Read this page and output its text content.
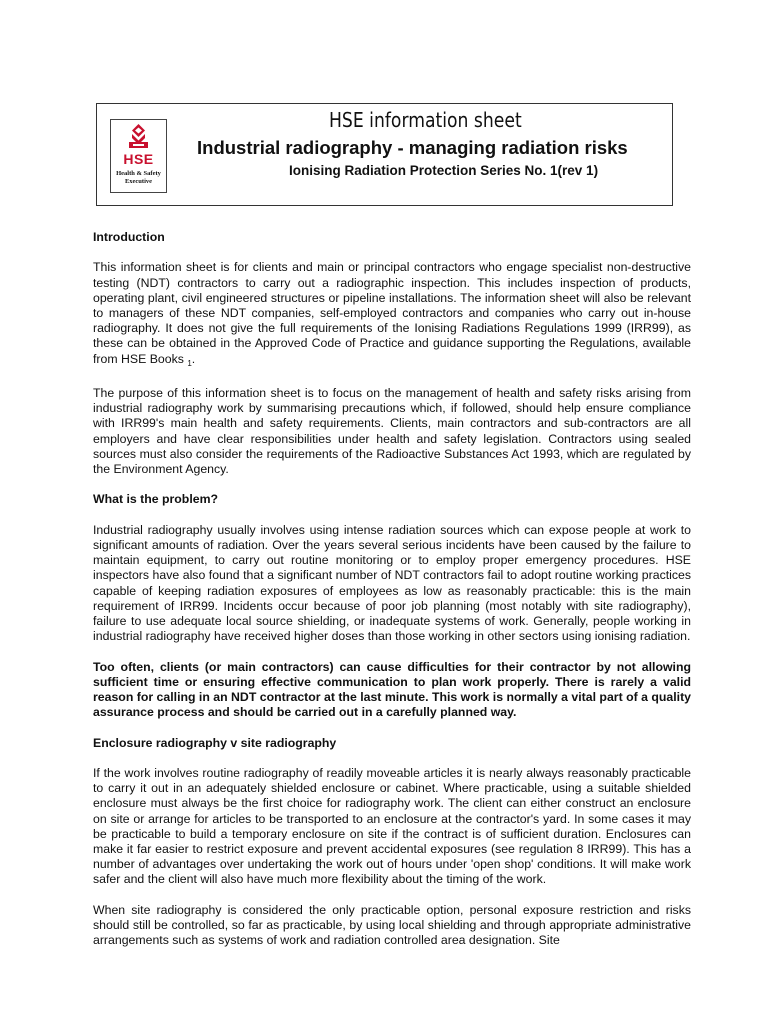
HSE
Health & Safety
Executive
HSE information sheet
Industrial radiography - managing radiation risks
Ionising Radiation Protection Series No. 1(rev 1)
Introduction

This information sheet is for clients and main or principal contractors who engage specialist non-destructive testing (NDT) contractors to carry out a radiographic inspection. This includes inspection of products, operating plant, civil engineered structures or pipeline installations. The information sheet will also be relevant to managers of these NDT companies, self-employed contractors and companies who carry out in-house radiography. It does not give the full requirements of the Ionising Radiations Regulations 1999 (IRR99), as these can be obtained in the Approved Code of Practice and guidance supporting the Regulations, available from HSE Books $_1$.

The purpose of this information sheet is to focus on the management of health and safety risks arising from industrial radiography work by summarising precautions which, if followed, should help ensure compliance with IRR99's main health and safety requirements. Clients, main contractors and sub-contractors are all employers and have clear responsibilities under health and safety legislation. Contractors using sealed sources must also consider the requirements of the Radioactive Substances Act 1993, which are regulated by the Environment Agency.

What is the problem?

Industrial radiography usually involves using intense radiation sources which can expose people at work to significant amounts of radiation. Over the years several serious incidents have been caused by the failure to maintain equipment, to carry out routine monitoring or to employ proper emergency procedures. HSE inspectors have also found that a significant number of NDT contractors fail to adopt routine working practices capable of keeping radiation exposures of employees as low as reasonably practicable: this is the main requirement of IRR99. Incidents occur because of poor job planning (most notably with site radiography), failure to use adequate local source shielding, or inadequate systems of work. Generally, people working in industrial radiography have received higher doses than those working in other sectors using ionising radiation.

Too often, clients (or main contractors) can cause difficulties for their contractor by not allowing sufficient time or ensuring effective communication to plan work properly. There is rarely a valid reason for calling in an NDT contractor at the last minute. This work is normally a vital part of a quality assurance process and should be carried out in a carefully planned way.

Enclosure radiography v site radiography

If the work involves routine radiography of readily moveable articles it is nearly always reasonably practicable to carry it out in an adequately shielded enclosure or cabinet. Where practicable, using a suitable shielded enclosure must always be the first choice for radiography work. The client can either construct an enclosure on site or arrange for articles to be transported to an enclosure at the contractor's yard. In some cases it may be practicable to build a temporary enclosure on site if the contract is of sufficient duration. Enclosures can make it far easier to restrict exposure and prevent accidental exposures (see regulation 8 IRR99). This has a number of advantages over undertaking the work out of hours under 'open shop' conditions. It will make work safer and the client will also have much more flexibility about the timing of the work.

When site radiography is considered the only practicable option, personal exposure restriction and risks should still be controlled, so far as practicable, by using local shielding and through appropriate administrative arrangements such as systems of work and radiation controlled area designation. Site
